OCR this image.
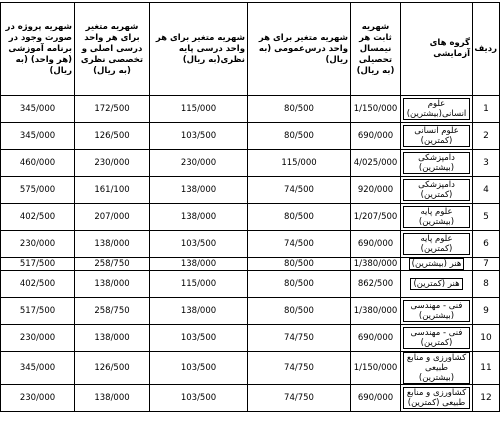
ردیف	گروه های آزمایشی	شهریه ثابت هر نیمسال تحصیلی (به ریال)	شهریه متغیر برای هر واحد درس‌عمومی (به ریال)	شهریه متغیر برای هر واحد درسی پایه نظری(به ریال)	شهریه متغیر برای هر واحد درسی اصلی و تخصصی نظری (به ریال)	شهریه پروژه در صورت وجود در برنامه آموزشی (هر واحد) (به ریال)
1	علوم انسانی(بیشترین)	1/150/000	80/500	115/000	172/500	345/000
2	علوم انسانی (کمترین)	690/000	80/500	103/500	126/500	345/000
3	دامپزشکی (بیشترین)	4/025/000	115/000	230/000	230/000	460/000
4	دامپزشکی (کمترین)	920/000	74/500	138/000	161/100	575/000
5	علوم پایه (بیشترین)	1/207/500	80/500	138/000	207/000	402/500
6	علوم پایه (کمترین)	690/000	74/500	103/500	138/000	230/000
7	هنر (بیشترین)	1/380/000	80/500	138/000	258/750	517/500
8	هنر (کمترین)	862/500	80/500	115/000	138/000	402/500
9	فنی - مهندسی (بیشترین)	1/380/000	80/500	138/000	258/750	517/500
10	فنی - مهندسی (کمترین)	690/000	74/750	103/500	138/000	230/000
11	کشاورزی و منابع طبیعی (بیشترین)	1/150/000	74/750	103/500	126/500	345/000
12	کشاورزی و منابع طبیعی (کمترین)	690/000	74/750	103/500	138/000	230/000
